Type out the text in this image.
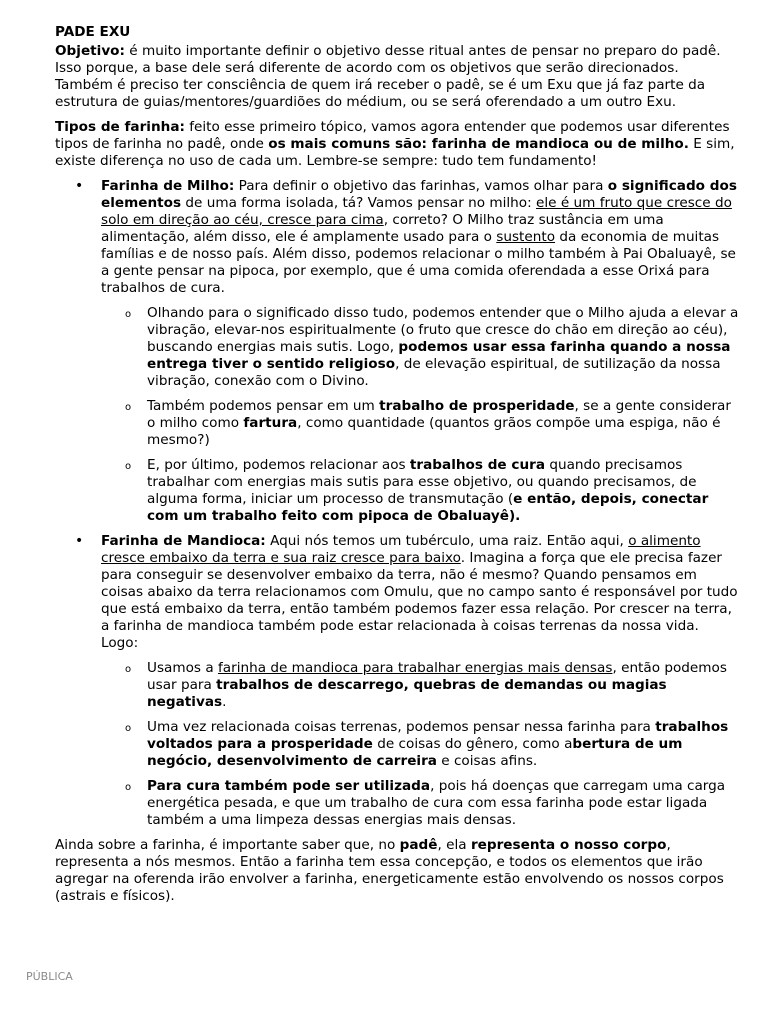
PADE EXU

Objetivo: é muito importante definir o objetivo desse ritual antes de pensar no preparo do padê. Isso porque, a base dele será diferente de acordo com os objetivos que serão direcionados. Também é preciso ter consciência de quem irá receber o padê, se é um Exu que já faz parte da estrutura de guias/mentores/guardiões do médium, ou se será oferendado a um outro Exu.

Tipos de farinha: feito esse primeiro tópico, vamos agora entender que podemos usar diferentes tipos de farinha no padê, onde os mais comuns são: farinha de mandioca ou de milho. E sim, existe diferença no uso de cada um. Lembre-se sempre: tudo tem fundamento!

• Farinha de Milho: Para definir o objetivo das farinhas, vamos olhar para o significado dos elementos de uma forma isolada, tá? Vamos pensar no milho: ele é um fruto que cresce do solo em direção ao céu, cresce para cima, correto? O Milho traz sustância em uma alimentação, além disso, ele é amplamente usado para o sustento da economia de muitas famílias e de nosso país. Além disso, podemos relacionar o milho também à Pai Obaluayê, se a gente pensar na pipoca, por exemplo, que é uma comida oferendada a esse Orixá para trabalhos de cura.
o Olhando para o significado disso tudo, podemos entender que o Milho ajuda a elevar a vibração, elevar-nos espiritualmente (o fruto que cresce do chão em direção ao céu), buscando energias mais sutis. Logo, podemos usar essa farinha quando a nossa entrega tiver o sentido religioso, de elevação espiritual, de sutilização da nossa vibração, conexão com o Divino.
o Também podemos pensar em um trabalho de prosperidade, se a gente considerar o milho como fartura, como quantidade (quantos grãos compõe uma espiga, não é mesmo?)
o E, por último, podemos relacionar aos trabalhos de cura quando precisamos trabalhar com energias mais sutis para esse objetivo, ou quando precisamos, de alguma forma, iniciar um processo de transmutação (e então, depois, conectar com um trabalho feito com pipoca de Obaluayê).
• Farinha de Mandioca: Aqui nós temos um tubérculo, uma raiz. Então aqui, o alimento cresce embaixo da terra e sua raiz cresce para baixo. Imagina a força que ele precisa fazer para conseguir se desenvolver embaixo da terra, não é mesmo? Quando pensamos em coisas abaixo da terra relacionamos com Omulu, que no campo santo é responsável por tudo que está embaixo da terra, então também podemos fazer essa relação. Por crescer na terra, a farinha de mandioca também pode estar relacionada à coisas terrenas da nossa vida. Logo:
o Usamos a farinha de mandioca para trabalhar energias mais densas, então podemos usar para trabalhos de descarrego, quebras de demandas ou magias negativas.
o Uma vez relacionada coisas terrenas, podemos pensar nessa farinha para trabalhos voltados para a prosperidade de coisas do gênero, como abertura de um negócio, desenvolvimento de carreira e coisas afins.
o Para cura também pode ser utilizada, pois há doenças que carregam uma carga energética pesada, e que um trabalho de cura com essa farinha pode estar ligada também a uma limpeza dessas energias mais densas.

Ainda sobre a farinha, é importante saber que, no padê, ela representa o nosso corpo, representa a nós mesmos. Então a farinha tem essa concepção, e todos os elementos que irão agregar na oferenda irão envolver a farinha, energeticamente estão envolvendo os nossos corpos (astrais e físicos).

PÚBLICA
